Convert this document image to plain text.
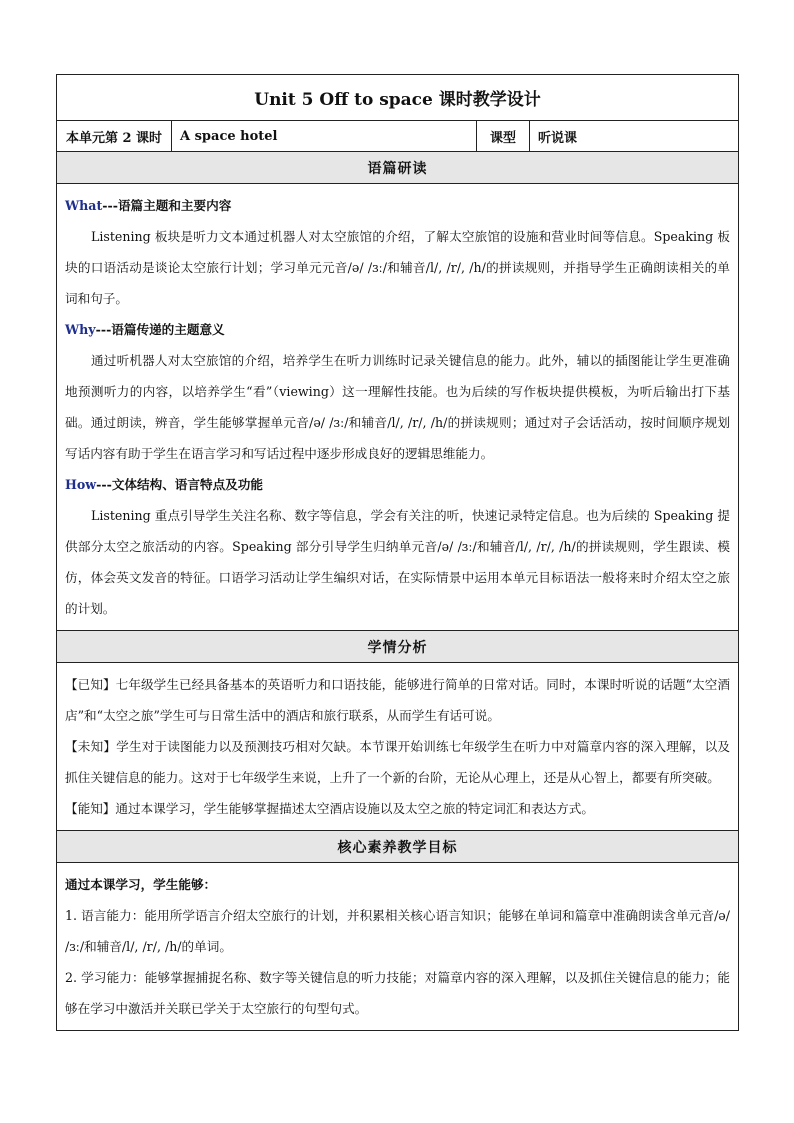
Unit 5 Off to space 课时教学设计
本单元第 2 课时	A space hotel	课型	听说课
语篇研读

What---语篇主题和主要内容
Listening 板块是听力文本通过机器人对太空旅馆的介绍，了解太空旅馆的设施和营业时间等信息。Speaking 板块的口语活动是谈论太空旅行计划；学习单元元音/ə/ /ɜː/和辅音/l/, /r/, /h/的拼读规则，并指导学生正确朗读相关的单词和句子。
Why---语篇传递的主题意义
通过听机器人对太空旅馆的介绍，培养学生在听力训练时记录关键信息的能力。此外，辅以的插图能让学生更准确地预测听力的内容，以培养学生“看”（viewing）这一理解性技能。也为后续的写作板块提供模板，为听后输出打下基础。通过朗读，辨音，学生能够掌握单元音/ə/ /ɜː/和辅音/l/, /r/, /h/的拼读规则；通过对子会话活动，按时间顺序规划写话内容有助于学生在语言学习和写话过程中逐步形成良好的逻辑思维能力。
How---文体结构、语言特点及功能
Listening 重点引导学生关注名称、数字等信息，学会有关注的听，快速记录特定信息。也为后续的 Speaking 提供部分太空之旅活动的内容。Speaking 部分引导学生归纳单元音/ə/ /ɜː/和辅音/l/, /r/, /h/的拼读规则，学生跟读、模仿，体会英文发音的特征。口语学习活动让学生编织对话，在实际情景中运用本单元目标语法一般将来时介绍太空之旅的计划。

学情分析

【已知】七年级学生已经具备基本的英语听力和口语技能，能够进行简单的日常对话。同时，本课时听说的话题“太空酒店”和“太空之旅”学生可与日常生活中的酒店和旅行联系，从而学生有话可说。
【未知】学生对于读图能力以及预测技巧相对欠缺。本节课开始训练七年级学生在听力中对篇章内容的深入理解，以及抓住关键信息的能力。这对于七年级学生来说，上升了一个新的台阶，无论从心理上，还是从心智上，都要有所突破。
【能知】通过本课学习，学生能够掌握描述太空酒店设施以及太空之旅的特定词汇和表达方式。

核心素养教学目标

通过本课学习，学生能够：
1. 语言能力：能用所学语言介绍太空旅行的计划，并积累相关核心语言知识；能够在单词和篇章中准确朗读含单元音/ə/ /ɜː/和辅音/l/, /r/, /h/的单词。
2. 学习能力：能够掌握捕捉名称、数字等关键信息的听力技能；对篇章内容的深入理解，以及抓住关键信息的能力；能够在学习中激活并关联已学关于太空旅行的句型句式。
